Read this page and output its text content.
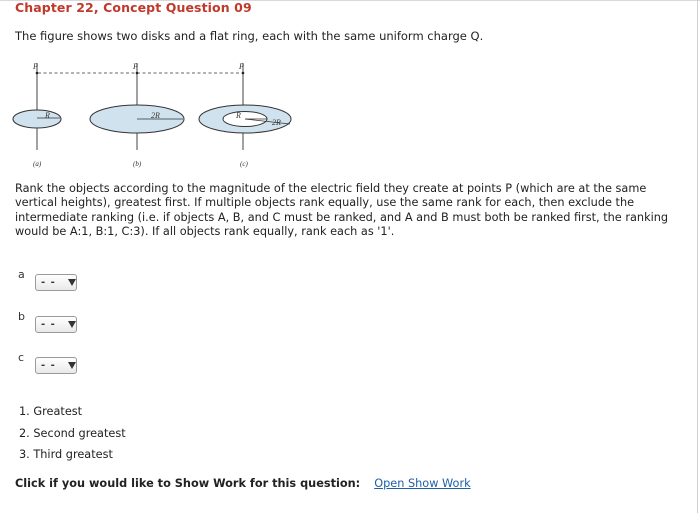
Chapter 22, Concept Question 09
The figure shows two disks and a flat ring, each with the same uniform charge Q.
P
R
(a)
P
2R
(b)
P
R
2R
(c)
Rank the objects according to the magnitude of the electric field they create at points P (which are at the same vertical heights), greatest first. If multiple objects rank equally, use the same rank for each, then exclude the intermediate ranking (i.e. if objects A, B, and C must be ranked, and A and B must both be ranked first, the ranking would be A:1, B:1, C:3). If all objects rank equally, rank each as '1'.
a
- -
b
- -
c
- -
1. Greatest
2. Second greatest
3. Third greatest
Click if you would like to Show Work for this question: Open Show Work
